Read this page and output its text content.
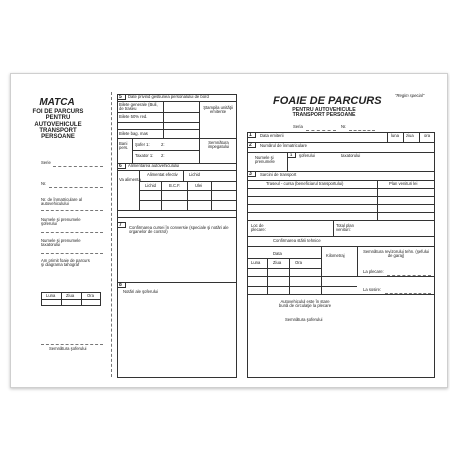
MATCA
FOI DE PARCURS PENTRU AUTOVEHICULE TRANSPORT PERSOANE
Serie
Nr.
Nr. de înmatriculare al autovehiculului
Numele şi prenumele şoferului
Numele şi prenumele taxatorului
Am primit foaie de parcurs şi diagrama tahograf
Luna	Ziua	Ora
Semnătura şoferului
5 Date privind gestiunea personalului de bord
Bilete generale (Buli, de traseu
Bilete 50% red.
Bilete bag. mas
Ştampila unităţii emitente
Bani pers.
Şofer 1:	2:
Taxator 1: 2:
Semnătura impegatului
6 Alimentarea autovehiculului
Va alimenta
Alimentat efectiv	Lichid
Lichid	B.C.F.	Ulei
7 Confirmarea cursei în conversie (speciale şi notări ale organelor de control)
8
Notări ale şoferului
"Regim special"
FOAIE DE PARCURS
PENTRU AUTOVEHICULE TRANSPORT PERSOANE
Seria	Nr.
1 Data emiterii	luna ziua ora
2 Numărul de înmatriculare
Numele şi prenumele
1 şoferului	taxatorului
3 Sarcini de transport
Traseul - cursa (beneficiarul transportului)	Plan venituri lei
Loc de plecare:
Total plan venituri:
Confirmarea stării tehnice
Data	Kilometraj
Semnătura revizorului tehn. (şefului de garaj)
Luna	Ziua	Ora
La plecare:
La sosire:
Autovehiculul este în stare bună de circulaţie la plecare
Semnătura şoferului
